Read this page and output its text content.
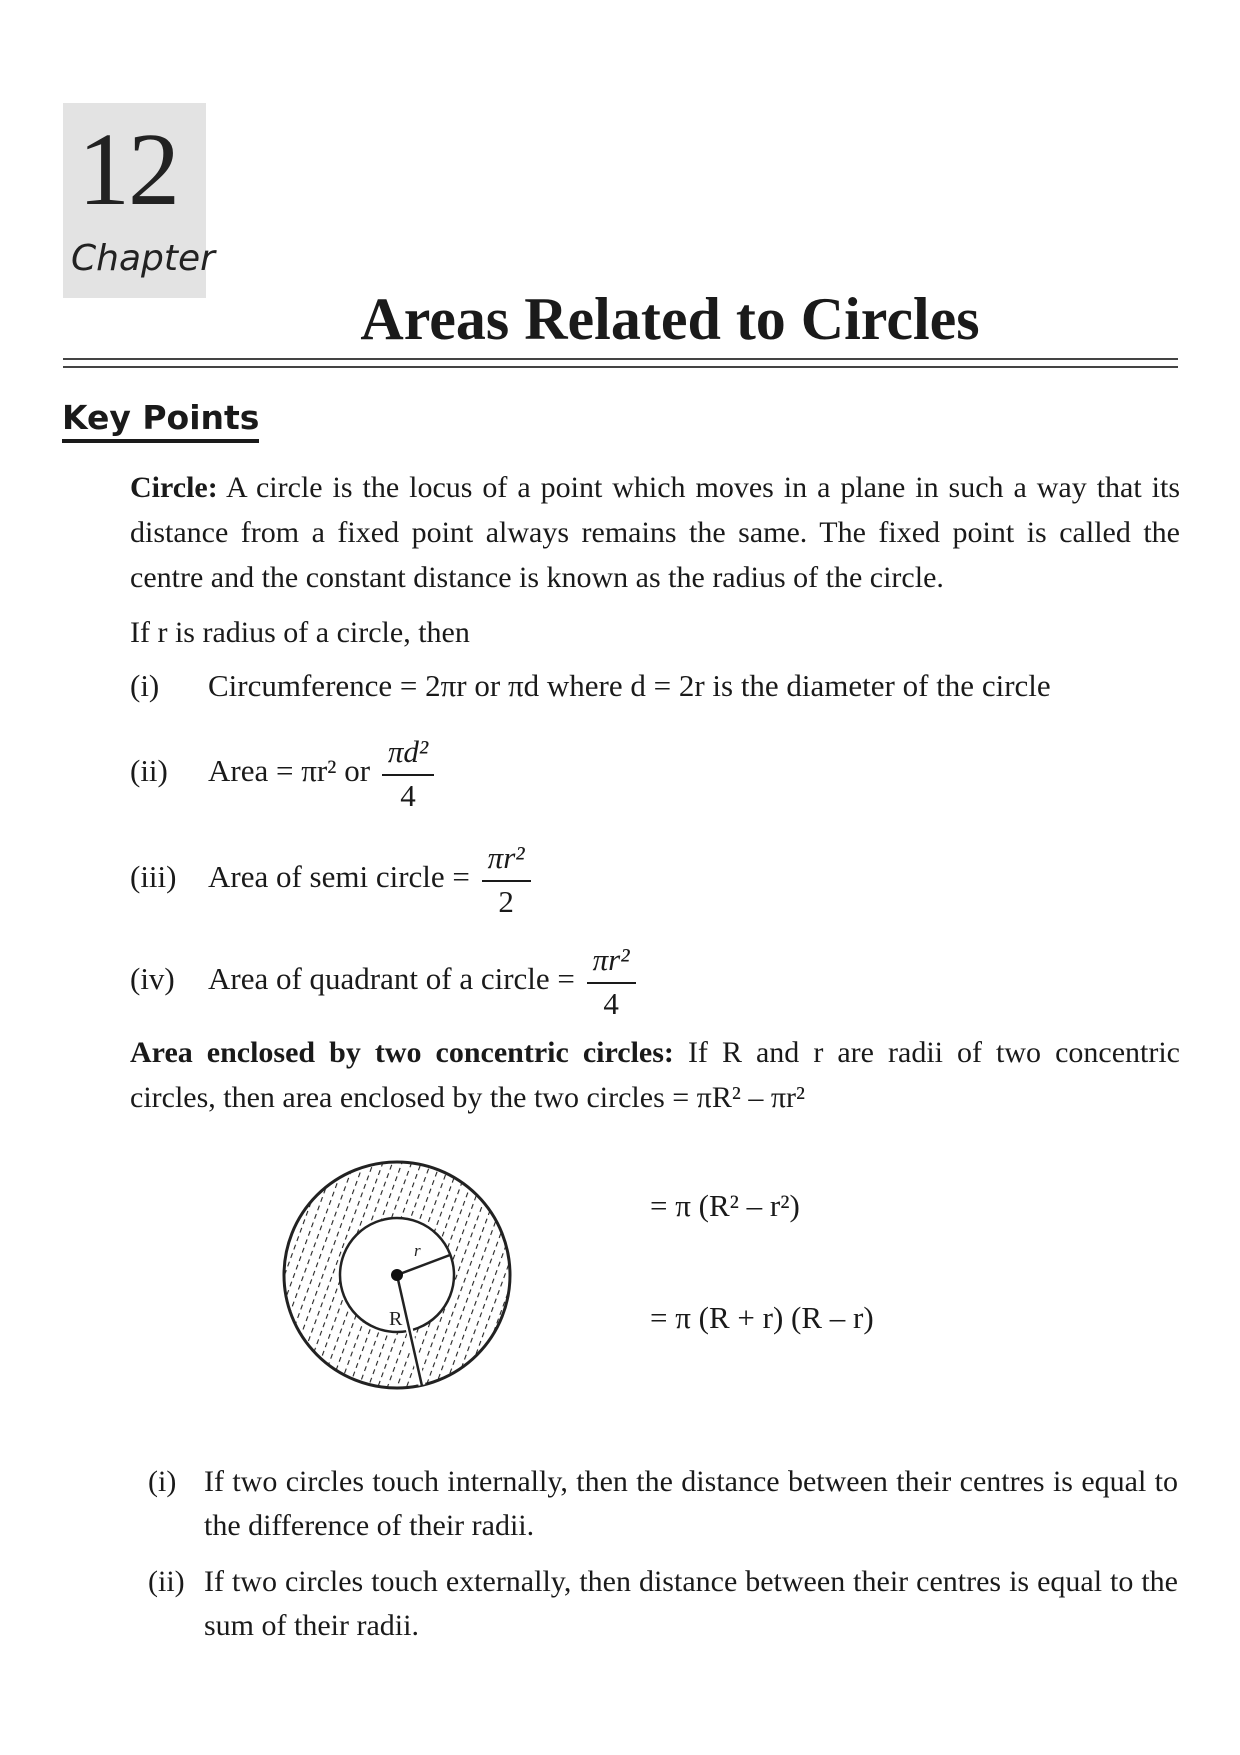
12
Chapter
Areas Related to Circles
Key Points
Circle: A circle is the locus of a point which moves in a plane in such a way that its distance from a fixed point always remains the same. The fixed point is called the centre and the constant distance is known as the radius of the circle.
If r is radius of a circle, then
(i) Circumference = 2πr or πd where d = 2r is the diameter of the circle
(ii) Area = πr² or $\frac{\text{πd²}}{4}$
(iii) Area of semi circle = $\frac{\text{πr²}}{2}$
(iv) Area of quadrant of a circle = $\frac{\text{πr²}}{4}$
Area enclosed by two concentric circles: If R and r are radii of two concentric circles, then area enclosed by the two circles = πR² – πr²
r
R
= π (R² – r²)
= π (R + r) (R – r)
(i) If two circles touch internally, then the distance between their centres is equal to the difference of their radii.
(ii) If two circles touch externally, then distance between their centres is equal to the sum of their radii.
